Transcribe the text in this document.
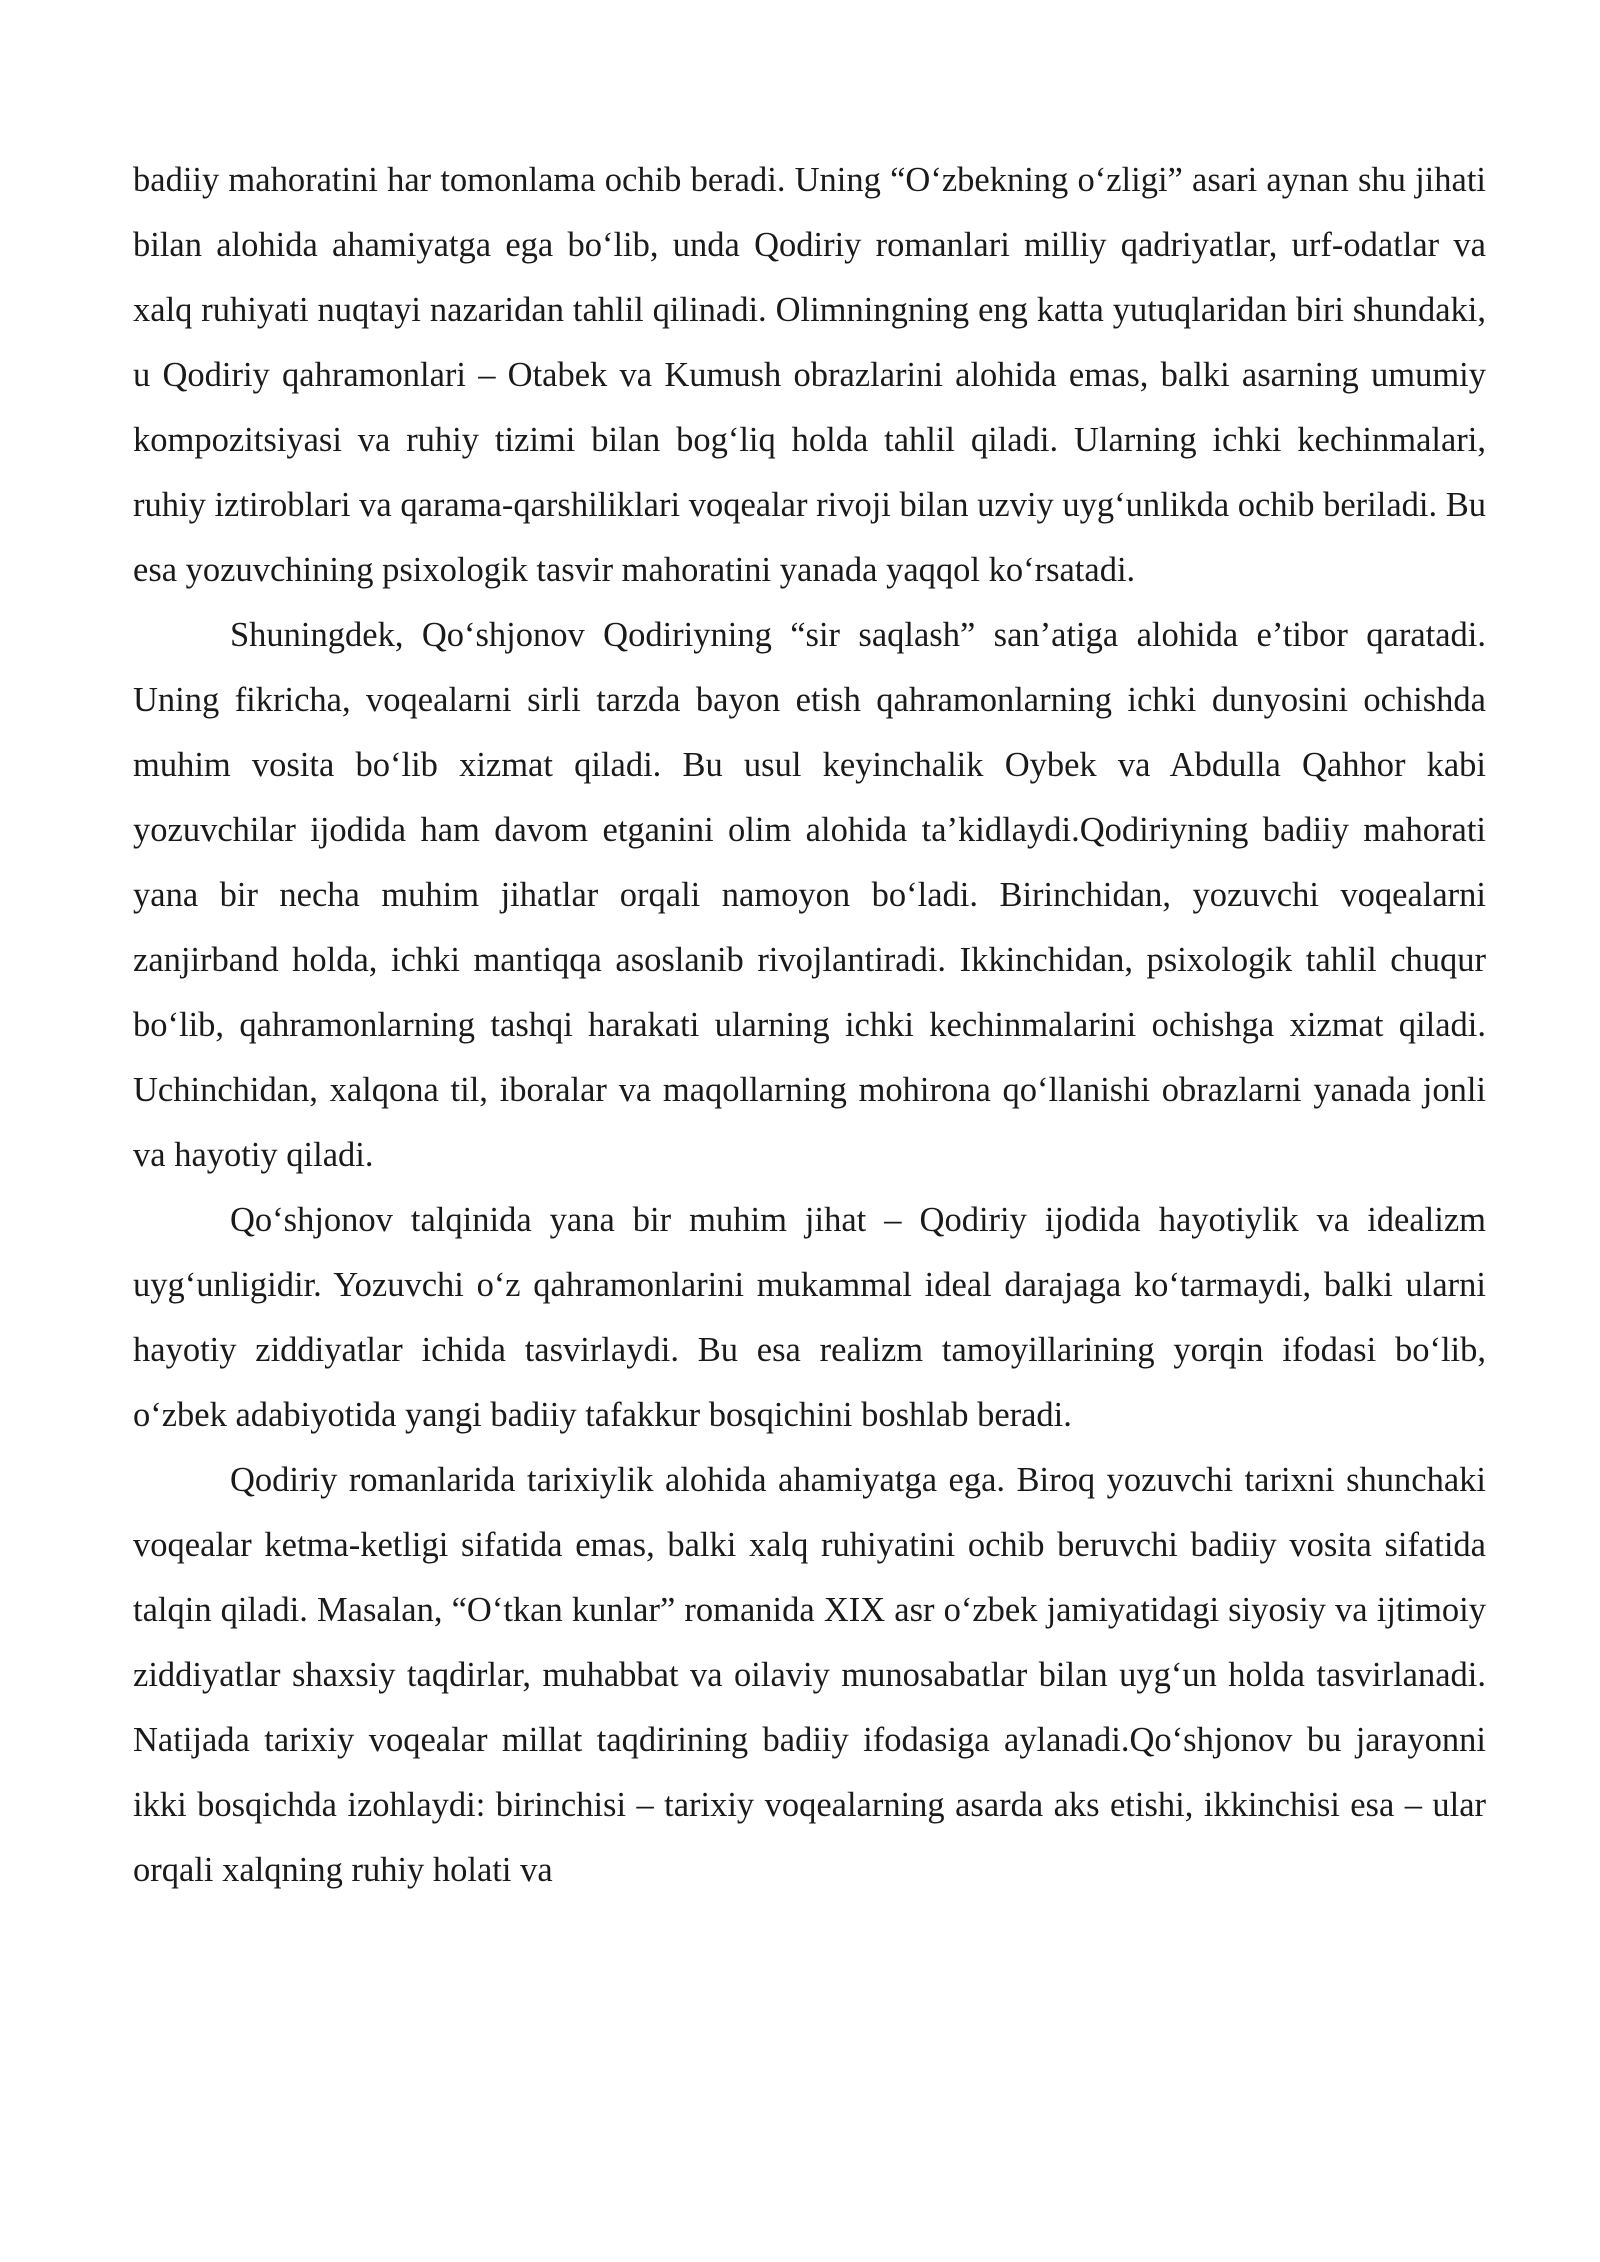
badiiy mahoratini har tomonlama ochib beradi. Uning “Oʻzbekning oʻzligi” asari aynan shu jihati bilan alohida ahamiyatga ega boʻlib, unda Qodiriy romanlari milliy qadriyatlar, urf-odatlar va xalq ruhiyati nuqtayi nazaridan tahlil qilinadi. Olimningning eng katta yutuqlaridan biri shundaki, u Qodiriy qahramonlari – Otabek va Kumush obrazlarini alohida emas, balki asarning umumiy kompozitsiyasi va ruhiy tizimi bilan bogʻliq holda tahlil qiladi. Ularning ichki kechinmalari, ruhiy iztiroblari va qarama-qarshiliklari voqealar rivoji bilan uzviy uygʻunlikda ochib beriladi. Bu esa yozuvchining psixologik tasvir mahoratini yanada yaqqol koʻrsatadi.

Shuningdek, Qoʻshjonov Qodiriyning “sir saqlash” san’atiga alohida e’tibor qaratadi. Uning fikricha, voqealarni sirli tarzda bayon etish qahramonlarning ichki dunyosini ochishda muhim vosita boʻlib xizmat qiladi. Bu usul keyinchalik Oybek va Abdulla Qahhor kabi yozuvchilar ijodida ham davom etganini olim alohida ta’kidlaydi.Qodiriyning badiiy mahorati yana bir necha muhim jihatlar orqali namoyon boʻladi. Birinchidan, yozuvchi voqealarni zanjirband holda, ichki mantiqqa asoslanib rivojlantiradi. Ikkinchidan, psixologik tahlil chuqur boʻlib, qahramonlarning tashqi harakati ularning ichki kechinmalarini ochishga xizmat qiladi. Uchinchidan, xalqona til, iboralar va maqollarning mohirona qoʻllanishi obrazlarni yanada jonli va hayotiy qiladi.

Qoʻshjonov talqinida yana bir muhim jihat – Qodiriy ijodida hayotiylik va idealizm uygʻunligidir. Yozuvchi oʻz qahramonlarini mukammal ideal darajaga koʻtarmaydi, balki ularni hayotiy ziddiyatlar ichida tasvirlaydi. Bu esa realizm tamoyillarining yorqin ifodasi boʻlib, oʻzbek adabiyotida yangi badiiy tafakkur bosqichini boshlab beradi.

Qodiriy romanlarida tarixiylik alohida ahamiyatga ega. Biroq yozuvchi tarixni shunchaki voqealar ketma-ketligi sifatida emas, balki xalq ruhiyatini ochib beruvchi badiiy vosita sifatida talqin qiladi. Masalan, “Oʻtkan kunlar” romanida XIX asr oʻzbek jamiyatidagi siyosiy va ijtimoiy ziddiyatlar shaxsiy taqdirlar, muhabbat va oilaviy munosabatlar bilan uygʻun holda tasvirlanadi. Natijada tarixiy voqealar millat taqdirining badiiy ifodasiga aylanadi.Qoʻshjonov bu jarayonni ikki bosqichda izohlaydi: birinchisi – tarixiy voqealarning asarda aks etishi, ikkinchisi esa – ular orqali xalqning ruhiy holati va
